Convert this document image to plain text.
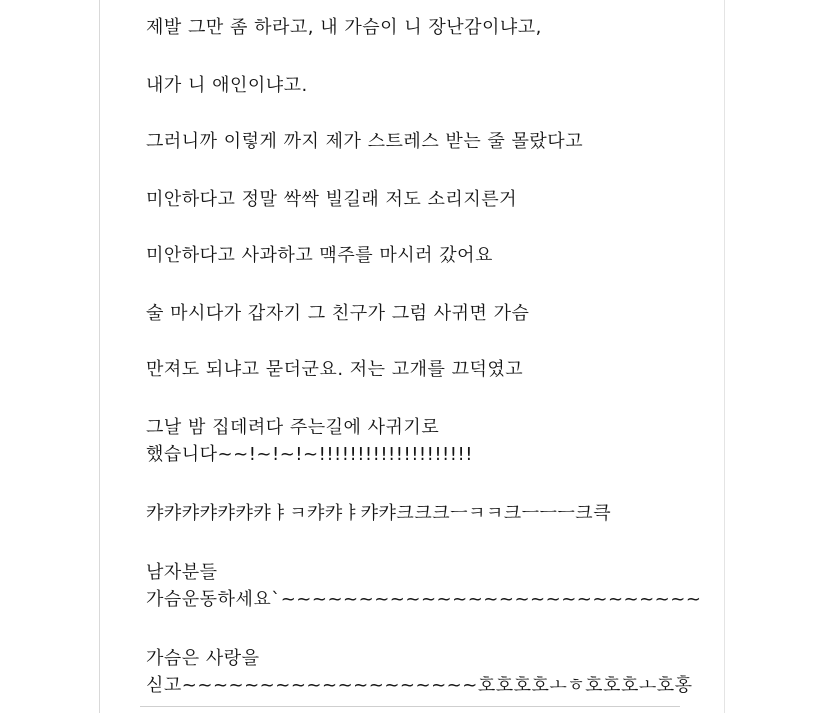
제발 그만 좀 하라고, 내 가슴이 니 장난감이냐고,

내가 니 애인이냐고.

그러니까 이렇게 까지 제가 스트레스 받는 줄 몰랐다고

미안하다고 정말 싹싹 빌길래 저도 소리지른거

미안하다고 사과하고 맥주를 마시러 갔어요

술 마시다가 갑자기 그 친구가 그럼 사귀면 가슴

만져도 되냐고 묻더군요. 저는 고개를 끄덕였고

그날 밤 집데려다 주는길에 사귀기로

했습니다~~!~!~!~!!!!!!!!!!!!!!!!!!!!

캬캬캬캬캬캬캬ㅑㅋ캬캬ㅑ캬캬크크크ㅡㅋㅋ크ㅡㅡㅡ크큭

남자분들

가슴운동하세요`~~~~~~~~~~~~~~~~~~~~~~~~~~~

가슴은 사랑을

싣고~~~~~~~~~~~~~~~~~~~호호호호ㅗㅎ호호호ㅗ호홍
